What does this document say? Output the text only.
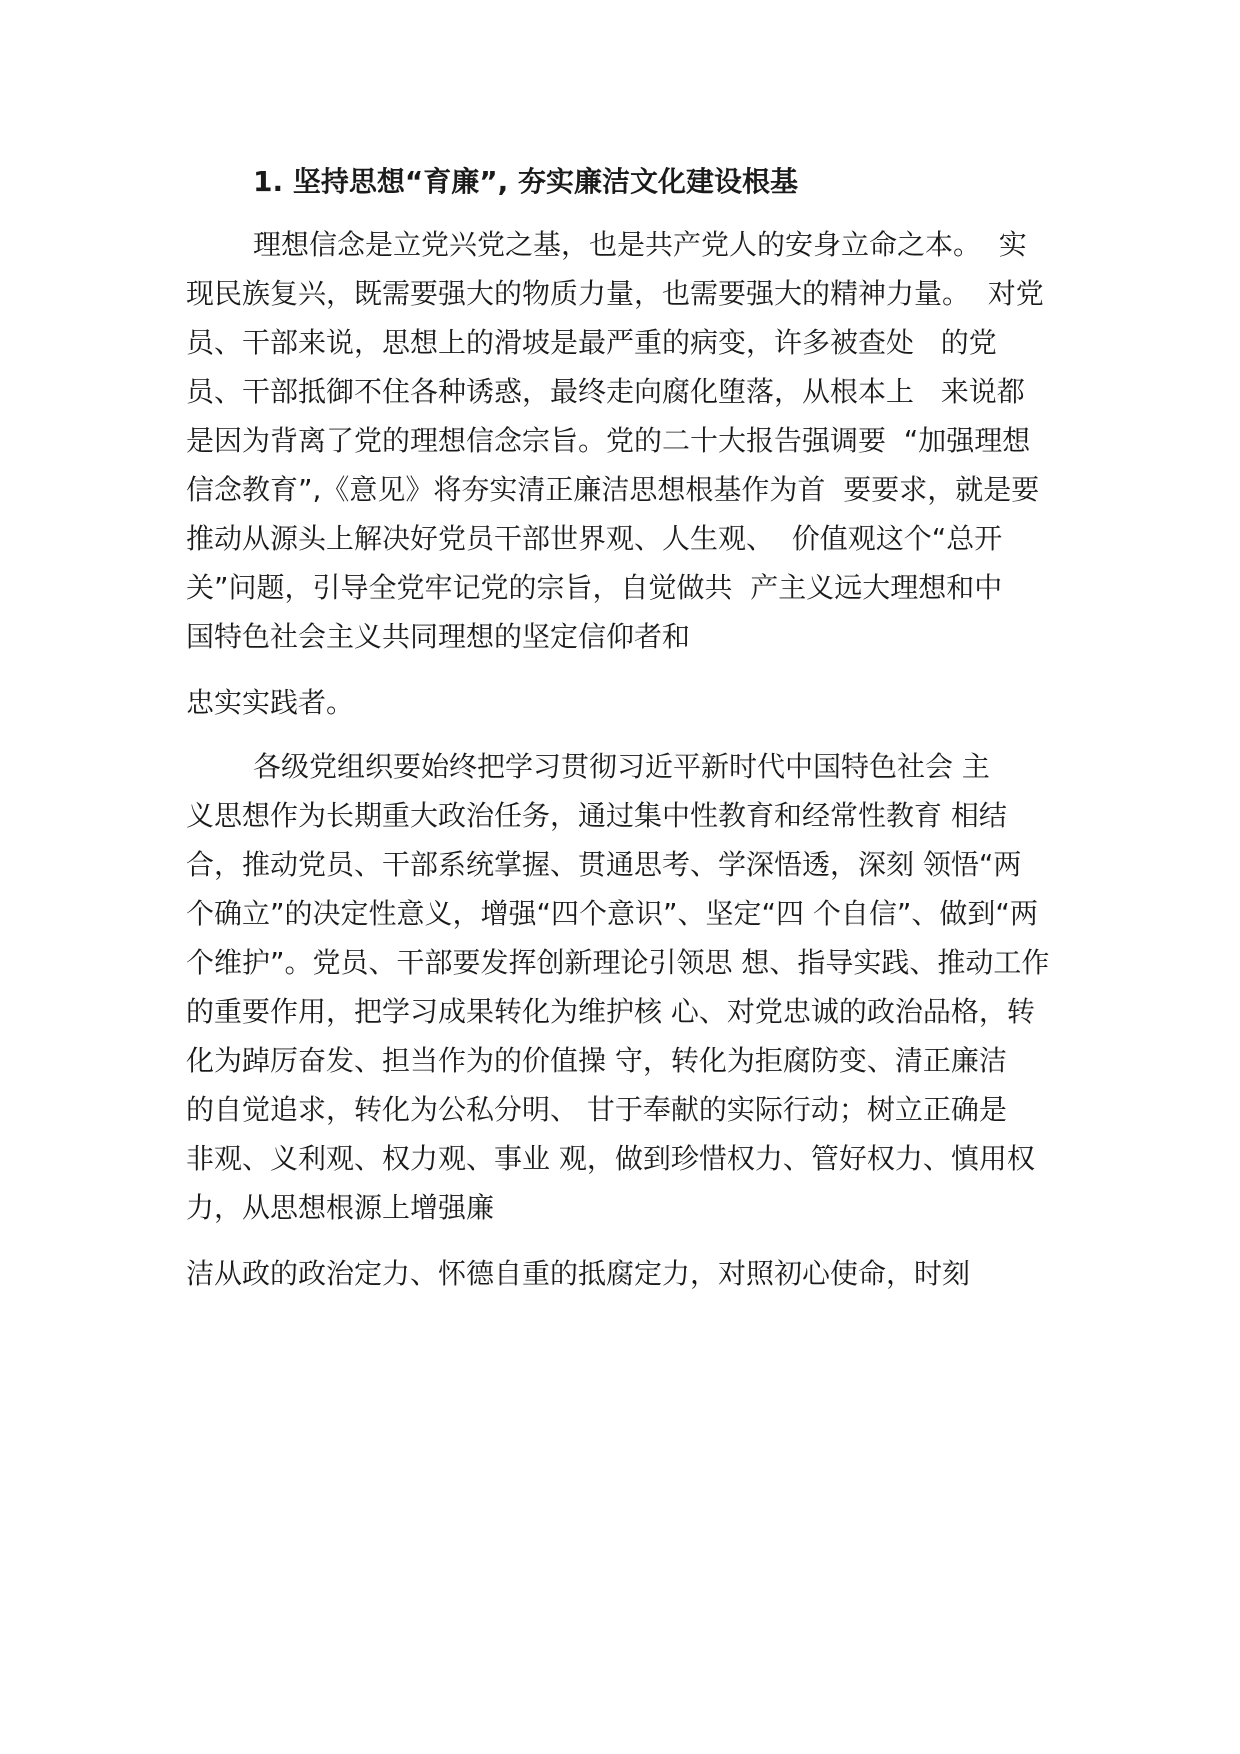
1. 坚持思想“育廉”, 夯实廉洁文化建设根基

理想信念是立党兴党之基，也是共产党人的安身立命之本。  实

现民族复兴，既需要强大的物质力量，也需要强大的精神力量。  对党

员、干部来说，思想上的滑坡是最严重的病变，许多被查处   的党

员、干部抵御不住各种诱惑，最终走向腐化堕落，从根本上   来说都

是因为背离了党的理想信念宗旨。党的二十大报告强调要  “加强理想

信念教育”,《意见》将夯实清正廉洁思想根基作为首  要要求，就是要

推动从源头上解决好党员干部世界观、人生观、  价值观这个“总开

关”问题，引导全党牢记党的宗旨，自觉做共  产主义远大理想和中

国特色社会主义共同理想的坚定信仰者和

忠实实践者。

各级党组织要始终把学习贯彻习近平新时代中国特色社会 主

义思想作为长期重大政治任务，通过集中性教育和经常性教育 相结

合，推动党员、干部系统掌握、贯通思考、学深悟透，深刻 领悟“两

个确立”的决定性意义，增强“四个意识”、坚定“四 个自信”、做到“两

个维护”。党员、干部要发挥创新理论引领思 想、指导实践、推动工作

的重要作用，把学习成果转化为维护核 心、对党忠诚的政治品格，转

化为踔厉奋发、担当作为的价值操 守，转化为拒腐防变、清正廉洁

的自觉追求，转化为公私分明、 甘于奉献的实际行动；树立正确是

非观、义利观、权力观、事业 观，做到珍惜权力、管好权力、慎用权

力，从思想根源上增强廉

洁从政的政治定力、怀德自重的抵腐定力，对照初心使命，时刻
